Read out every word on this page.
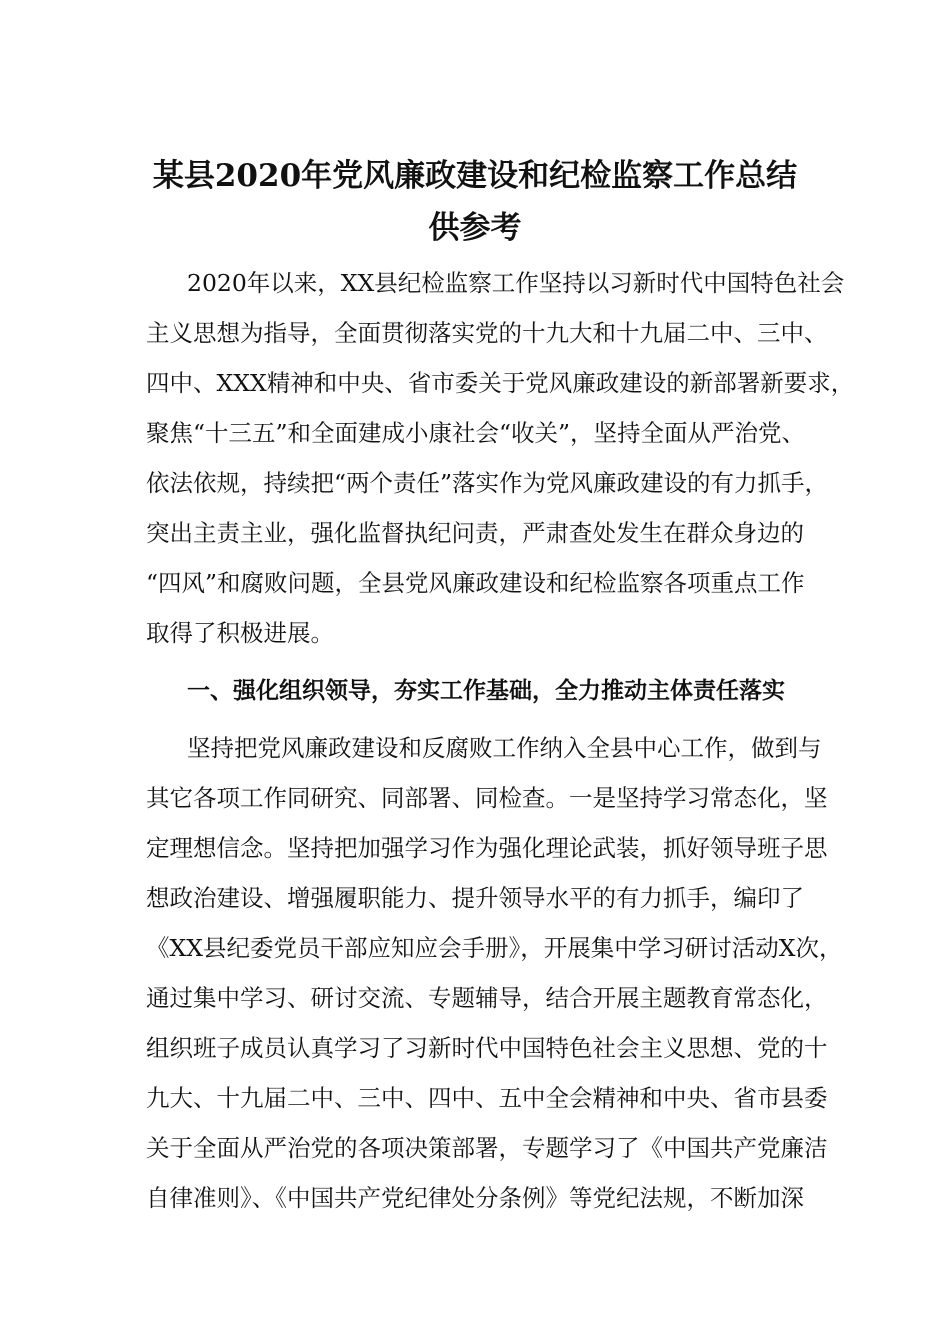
某县2020年党风廉政建设和纪检监察工作总结供参考

2020年以来，XX县纪检监察工作坚持以习新时代中国特色社会

主义思想为指导，全面贯彻落实党的十九大和十九届二中、三中、

四中、XXX精神和中央、省市委关于党风廉政建设的新部署新要求，

聚焦“十三五”和全面建成小康社会“收关”，坚持全面从严治党、

依法依规，持续把“两个责任”落实作为党风廉政建设的有力抓手，

突出主责主业，强化监督执纪问责，严肃查处发生在群众身边的

“四风”和腐败问题，全县党风廉政建设和纪检监察各项重点工作

取得了积极进展。

一、强化组织领导，夯实工作基础，全力推动主体责任落实

坚持把党风廉政建设和反腐败工作纳入全县中心工作，做到与

其它各项工作同研究、同部署、同检查。一是坚持学习常态化，坚

定理想信念。坚持把加强学习作为强化理论武装，抓好领导班子思

想政治建设、增强履职能力、提升领导水平的有力抓手，编印了

《XX县纪委党员干部应知应会手册》，开展集中学习研讨活动X次，

通过集中学习、研讨交流、专题辅导，结合开展主题教育常态化，

组织班子成员认真学习了习新时代中国特色社会主义思想、党的十

九大、十九届二中、三中、四中、五中全会精神和中央、省市县委

关于全面从严治党的各项决策部署，专题学习了《中国共产党廉洁

自律准则》、《中国共产党纪律处分条例》等党纪法规，不断加深
